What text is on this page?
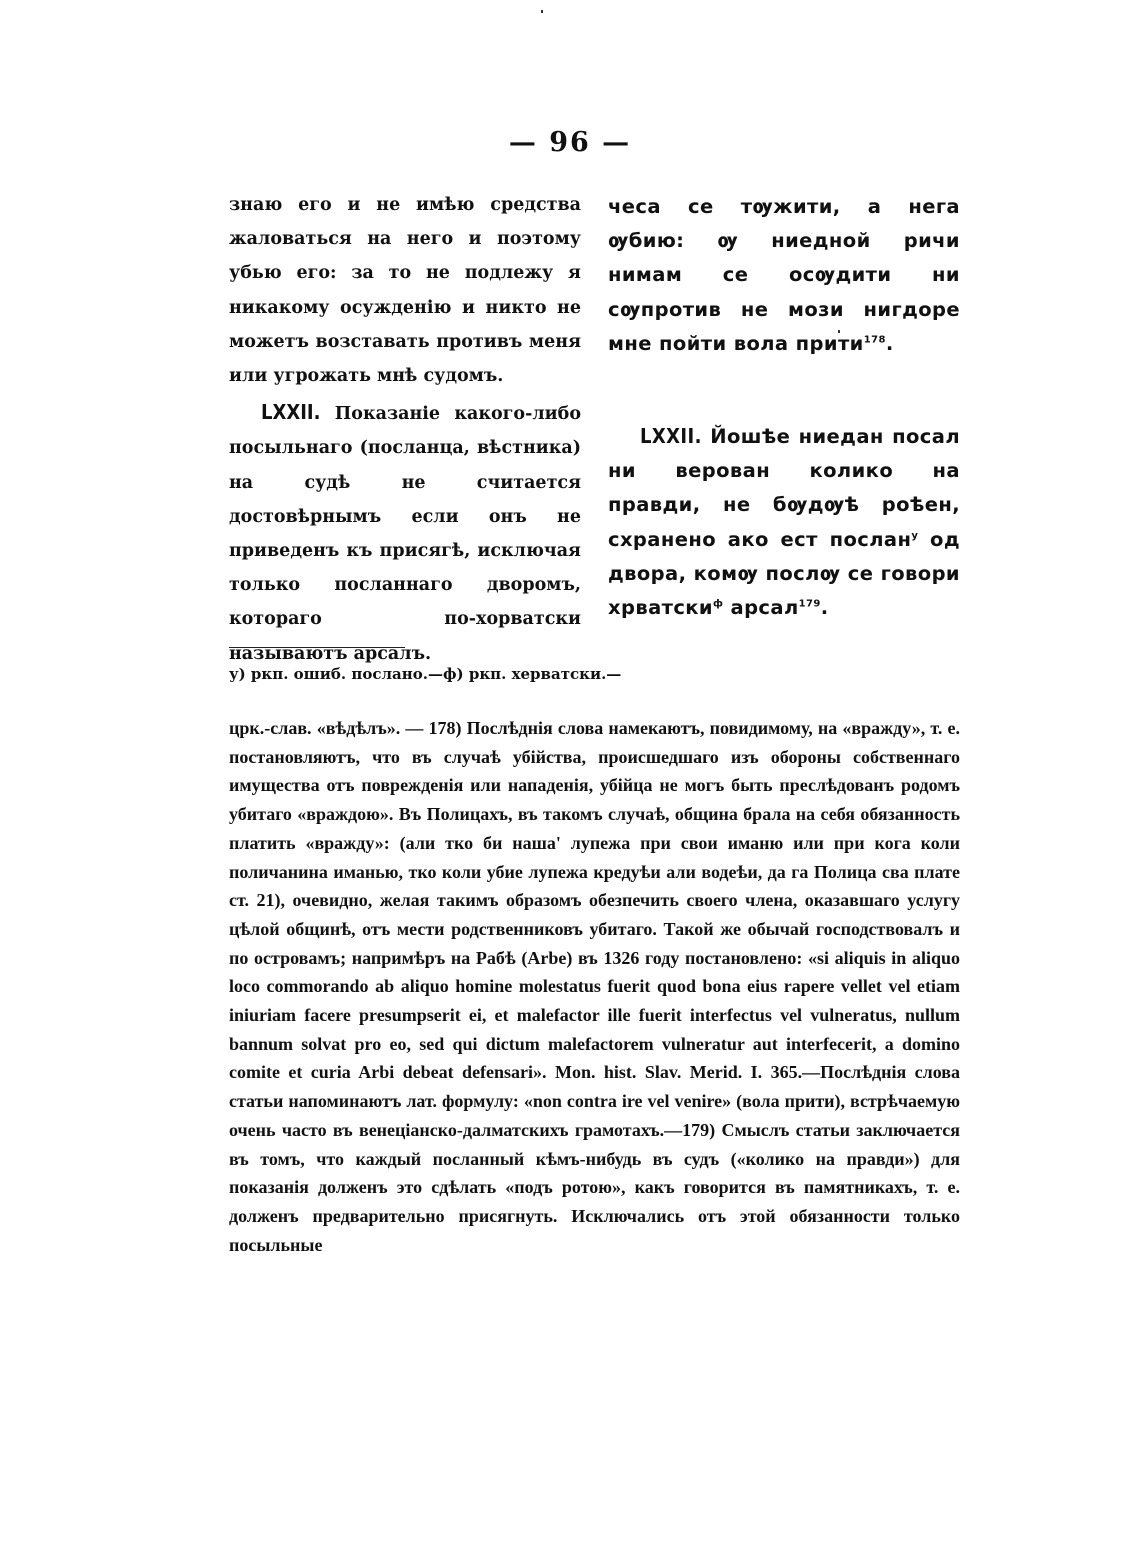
— 96 —

знаю его и не имѣю средства жаловаться на него и поэтому убью его: за то не подлежу я никакому осужденію и никто не можетъ возставать противъ меня или угрожать мнѣ судомъ.

LXXII. Показаніе какого-либо посыльнаго (посланца, вѣстника) на судѣ не считается достовѣрнымъ если онъ не приведенъ къ присягѣ, исключая только посланнаго дворомъ, котораго по-хорватски называютъ арсалъ.

чеса се тѹжити, а нега ѹбию: ѹ ниедной ричи нимам се осѹдити ни сѹпротив не мози нигдоре мне пойти вола прити$^{178}$.

LXXII. Йошѣе ниедан посал ни верован колико на правди, не бѹдѹѣ роѣен, схранено ако ест послан$^у$ од двора, комѹ послѹ се говори хрватски$^ф$ арсал$^{179}$.

у) ркп. ошиб. послано.—ф) ркп. херватски.—

црк.-слав. «вѣдѣлъ». — 178) Послѣднія слова намекаютъ, повидимому, на «вражду», т. е. постановляютъ, что въ случаѣ убійства, происшедшаго изъ обороны собственнаго имущества отъ поврежденія или нападенія, убійца не могъ быть преслѣдованъ родомъ убитаго «враждою». Въ Полицахъ, въ такомъ случаѣ, община брала на себя обязанность платить «вражду»: (али тко би наша' лупежа при свои иманю или при кога коли поличанина иманью, тко коли убие лупежа кредуѣи али водеѣи, да га Полица сва плате ст. 21), очевидно, желая такимъ образомъ обезпечить своего члена, оказавшаго услугу цѣлой общинѣ, отъ мести родственниковъ убитаго. Такой же обычай господствовалъ и по островамъ; напримѣръ на Рабѣ (Arbe) въ 1326 году постановлено: «si aliquis in aliquo loco commorando ab aliquo homine molestatus fuerit quod bona eius rapere vellet vel etiam iniuriam facere presumpserit ei, et malefactor ille fuerit interfectus vel vulneratus, nullum bannum solvat pro eo, sed qui dictum malefactorem vulneratur aut interfecerit, a domino comite et curia Arbi debeat defensari». Mon. hist. Slav. Merid. I. 365.—Послѣднія слова статьи напоминаютъ лат. формулу: «non contra ire vel venire» (вола прити), встрѣчаемую очень часто въ венеціанско-далматскихъ грамотахъ.—179) Смыслъ статьи заключается въ томъ, что каждый посланный кѣмъ-нибудь въ судъ («колико на правди») для показанія долженъ это сдѣлать «подъ ротою», какъ говорится въ памятникахъ, т. е. долженъ предварительно присягнуть. Исключались отъ этой обязанности только посыльные
